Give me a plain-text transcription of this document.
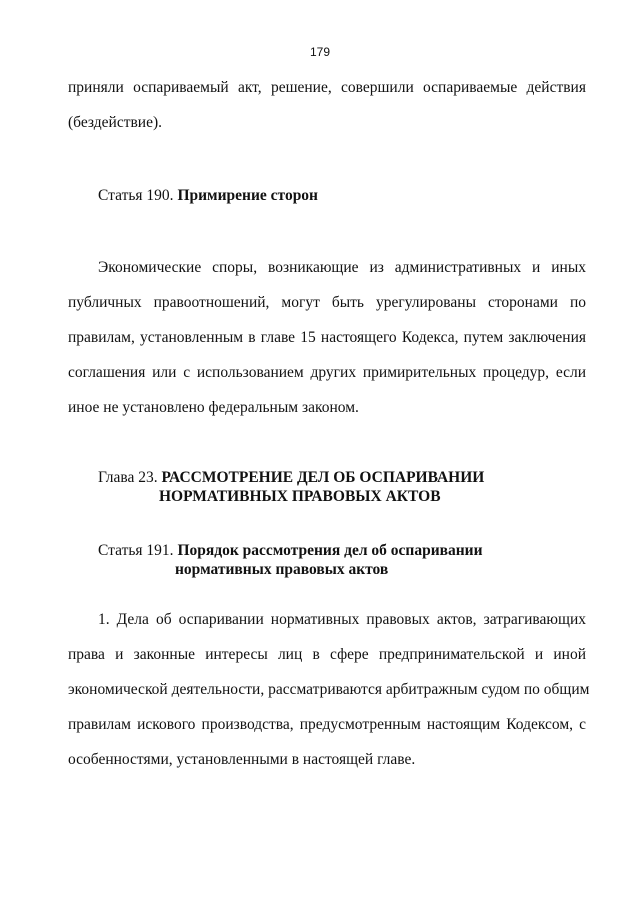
179
приняли оспариваемый акт, решение, совершили оспариваемые действия
(бездействие).
Статья 190. Примирение сторон
Экономические споры, возникающие из административных и иных
публичных правоотношений, могут быть урегулированы сторонами по
правилам, установленным в главе 15 настоящего Кодекса, путем заключения
соглашения или с использованием других примирительных процедур, если
иное не установлено федеральным законом.
Глава 23. РАССМОТРЕНИЕ ДЕЛ ОБ ОСПАРИВАНИИ
НОРМАТИВНЫХ ПРАВОВЫХ АКТОВ
Статья 191. Порядок рассмотрения дел об оспаривании
нормативных правовых актов
1. Дела об оспаривании нормативных правовых актов, затрагивающих
права и законные интересы лиц в сфере предпринимательской и иной
экономической деятельности, рассматриваются арбитражным судом по общим
правилам искового производства, предусмотренным настоящим Кодексом, с
особенностями, установленными в настоящей главе.
